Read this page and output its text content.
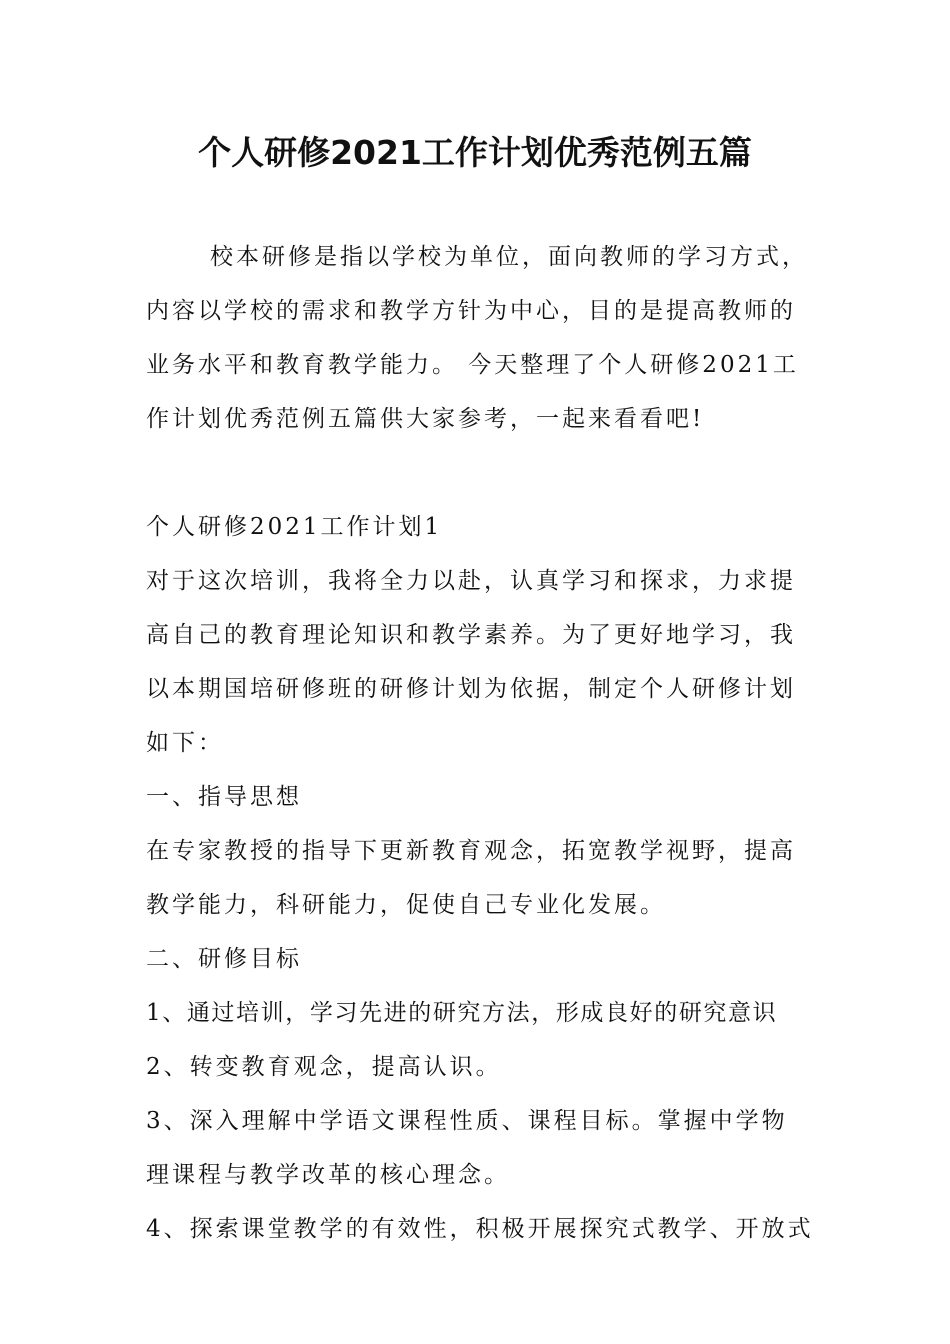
个人研修2021工作计划优秀范例五篇

校本研修是指以学校为单位，面向教师的学习方式，内容以学校的需求和教学方针为中心，目的是提高教师的业务水平和教育教学能力。 今天整理了个人研修2021工作计划优秀范例五篇供大家参考，一起来看看吧!

个人研修2021工作计划1

对于这次培训，我将全力以赴，认真学习和探求，力求提高自己的教育理论知识和教学素养。为了更好地学习，我以本期国培研修班的研修计划为依据，制定个人研修计划如下：

一、指导思想

在专家教授的指导下更新教育观念，拓宽教学视野，提高教学能力，科研能力，促使自己专业化发展。

二、研修目标

1、通过培训，学习先进的研究方法，形成良好的研究意识

2、转变教育观念，提高认识。

3、深入理解中学语文课程性质、课程目标。掌握中学物理课程与教学改革的核心理念。

4、探索课堂教学的有效性，积极开展探究式教学、开放式
